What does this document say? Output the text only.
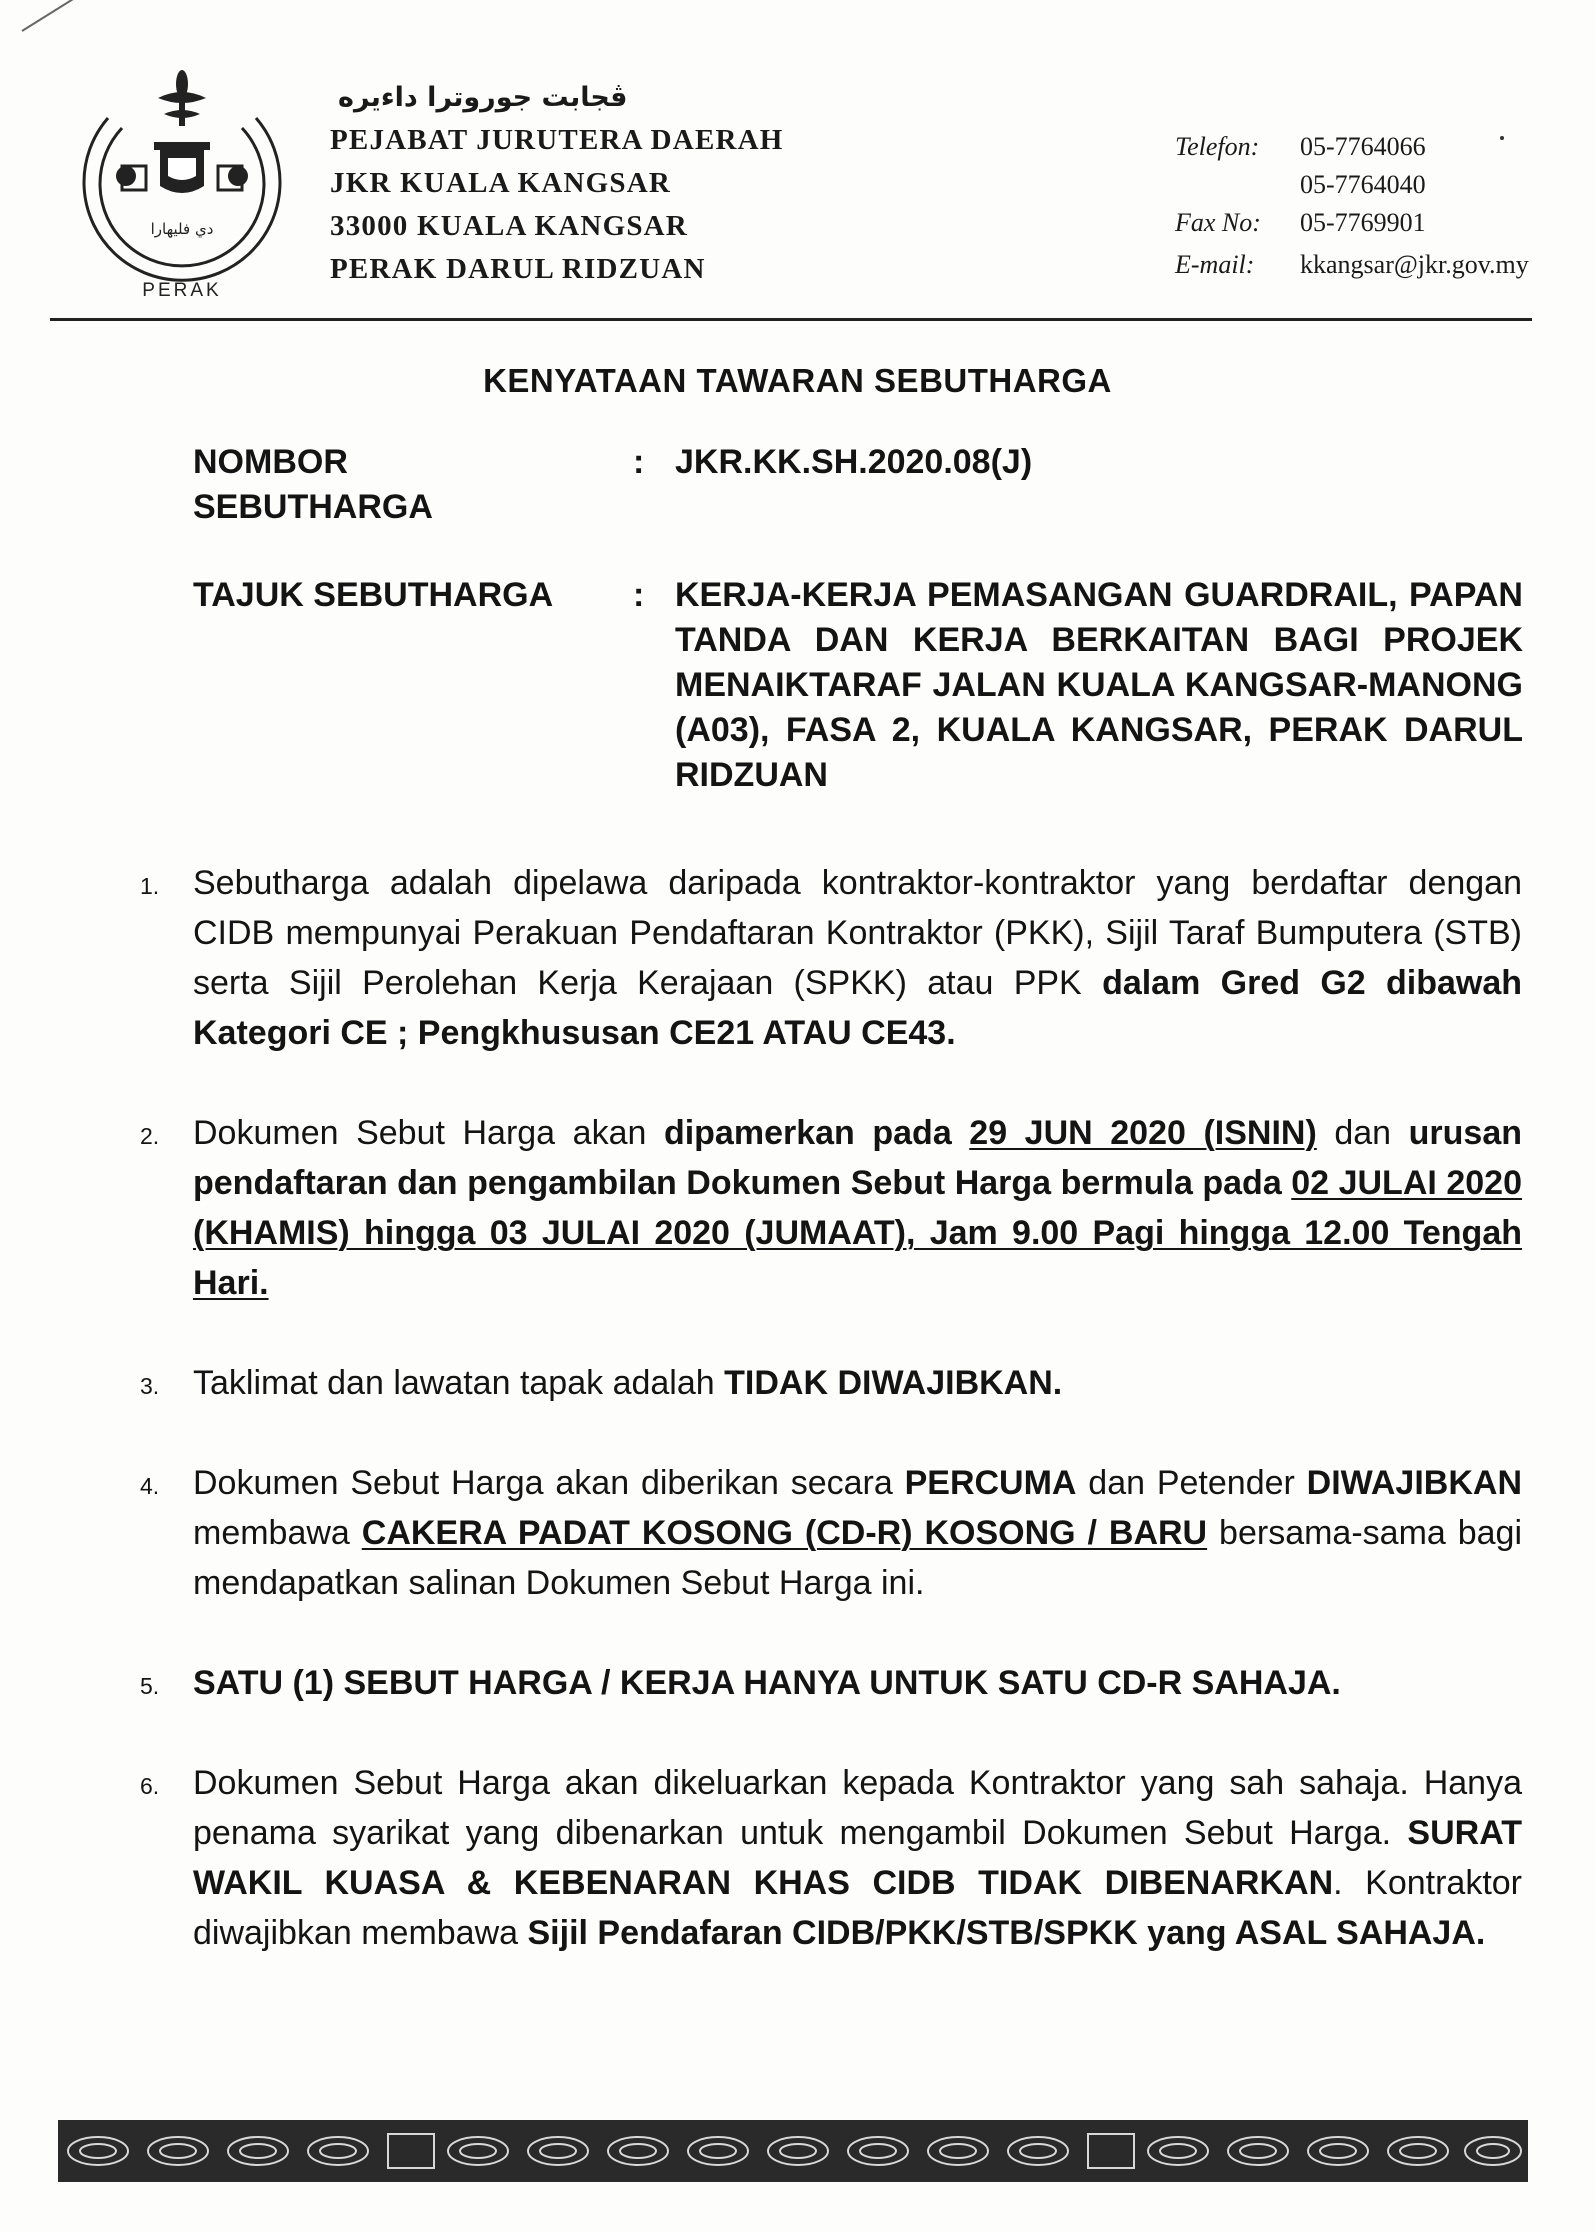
دي فليهارا
PERAK
ڤجابت جوروترا داءيره
PEJABAT JURUTERA DAERAH
JKR KUALA KANGSAR
33000 KUALA KANGSAR
PERAK DARUL RIDZUAN
Telefon:	05-7764066
05-7764040
Fax No:	05-7769901
E-mail:	kkangsar@jkr.gov.my
KENYATAAN TAWARAN SEBUTHARGA
NOMBOR
SEBUTHARGA
: JKR.KK.SH.2020.08(J)
TAJUK SEBUTHARGA	: KERJA-KERJA PEMASANGAN GUARDRAIL, PAPAN TANDA DAN KERJA BERKAITAN BAGI PROJEK MENAIKTARAF JALAN KUALA KANGSAR-MANONG (A03), FASA 2, KUALA KANGSAR, PERAK DARUL RIDZUAN
1. Sebutharga adalah dipelawa daripada kontraktor-kontraktor yang berdaftar dengan CIDB mempunyai Perakuan Pendaftaran Kontraktor (PKK), Sijil Taraf Bumputera (STB) serta Sijil Perolehan Kerja Kerajaan (SPKK) atau PPK dalam Gred G2 dibawah Kategori CE ; Pengkhususan CE21 ATAU CE43.
2. Dokumen Sebut Harga akan dipamerkan pada 29 JUN 2020 (ISNIN) dan urusan pendaftaran dan pengambilan Dokumen Sebut Harga bermula pada 02 JULAI 2020 (KHAMIS) hingga 03 JULAI 2020 (JUMAAT), Jam 9.00 Pagi hingga 12.00 Tengah Hari.
3. Taklimat dan lawatan tapak adalah TIDAK DIWAJIBKAN.
4. Dokumen Sebut Harga akan diberikan secara PERCUMA dan Petender DIWAJIBKAN membawa CAKERA PADAT KOSONG (CD-R) KOSONG / BARU bersama-sama bagi mendapatkan salinan Dokumen Sebut Harga ini.
5. SATU (1) SEBUT HARGA / KERJA HANYA UNTUK SATU CD-R SAHAJA.
6. Dokumen Sebut Harga akan dikeluarkan kepada Kontraktor yang sah sahaja. Hanya penama syarikat yang dibenarkan untuk mengambil Dokumen Sebut Harga. SURAT WAKIL KUASA & KEBENARAN KHAS CIDB TIDAK DIBENARKAN. Kontraktor diwajibkan membawa Sijil Pendafaran CIDB/PKK/STB/SPKK yang ASAL SAHAJA.
